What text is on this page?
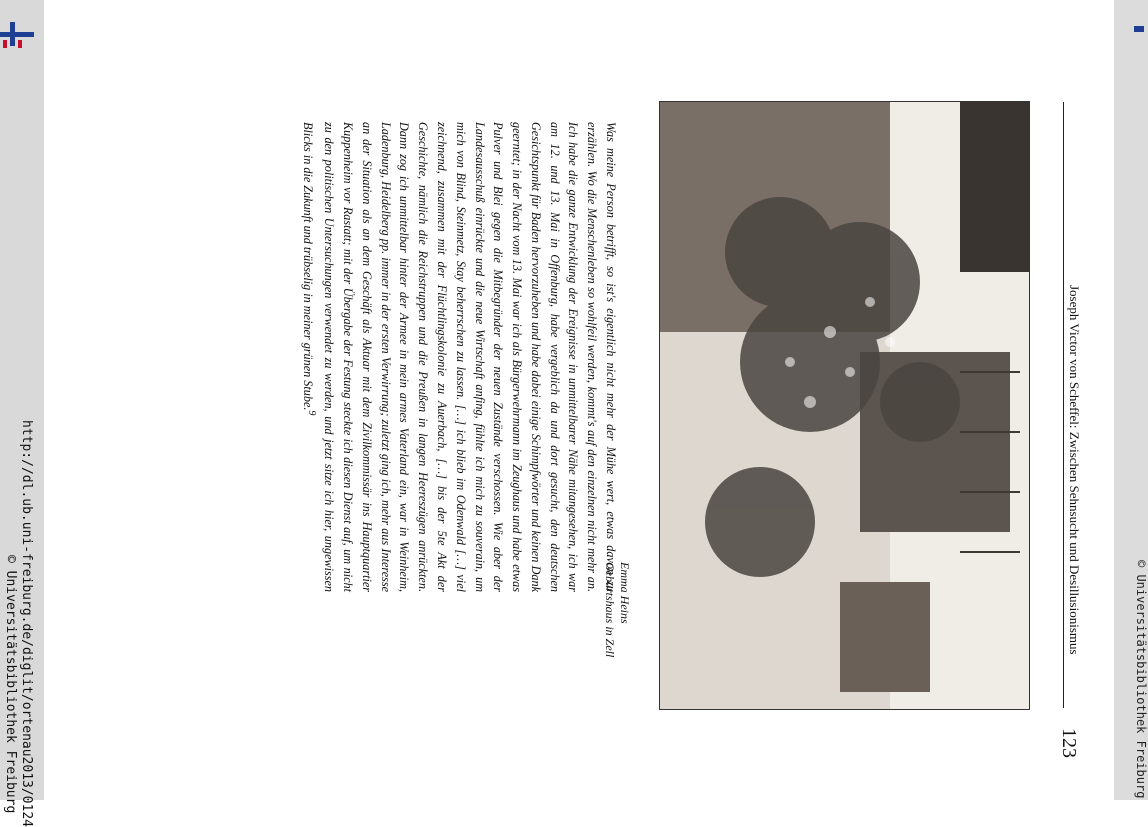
http://dl.ub.uni-freiburg.de/diglit/ortenau2013/0124
© Universitätsbibliothek Freiburg	© Universitätsbibliothek Freiburg
Joseph Victor von Scheffel: Zwischen Sehnsucht und Desillusionismus
123
Emma Heins
Geburtshaus in Zell

Was meine Person betrifft, so ist's eigentlich nicht mehr der Mühe wert, etwas davon zu erzählen. Wo die Menschenleben so wohlfeil werden, kommt's auf den einzelnen nicht mehr an. Ich habe die ganze Entwicklung der Ereignisse in unmittelbarer Nähe mitangesehen, ich war am 12. und 13. Mai in Offenburg, habe vergeblich da und dort gesucht, den deutschen Gesichtspunkt für Baden hervorzuheben und habe dabei einige Schimpfwörter und keinen Dank geerntet; in der Nacht vom 13. Mai war ich als Bürgerwehrmann im Zeughaus und habe etwas Pulver und Blei gegen die Mitbegründer der neuen Zustände verschossen. Wie aber der Landesausschuß einrückte und die neue Wirtschaft anfing, fühlte ich mich zu souverain, um mich von Blind, Steinmetz, Stay beherrschen zu lassen. […] ich blieb im Odenwald […] viel zeichnend, zusammen mit der Flüchtlingskolonie zu Auerbach, […] bis der 5te Akt der Geschichte, nämlich die Reichstruppen und die Preußen in langen Heereszügen anrückten. Dann zog ich unmittelbar hinter der Armee in mein armes Vaterland ein, war in Weinheim, Ladenburg, Heidelberg pp. immer in der ersten Verwirrung; zuletzt ging ich, mehr aus Interesse an der Situation als an dem Geschäft als Aktuar mit dem Zivilkommissär ins Hauptquartier Kuppenheim vor Rastatt; mit der Übergabe der Festung steckte ich diesen Dienst auf, um nicht zu den politischen Untersuchungen verwendet zu werden, und jetzt sitze ich hier, ungewissen Blicks in die Zukunft und trübselig in meiner grünen Stube.$^9$
